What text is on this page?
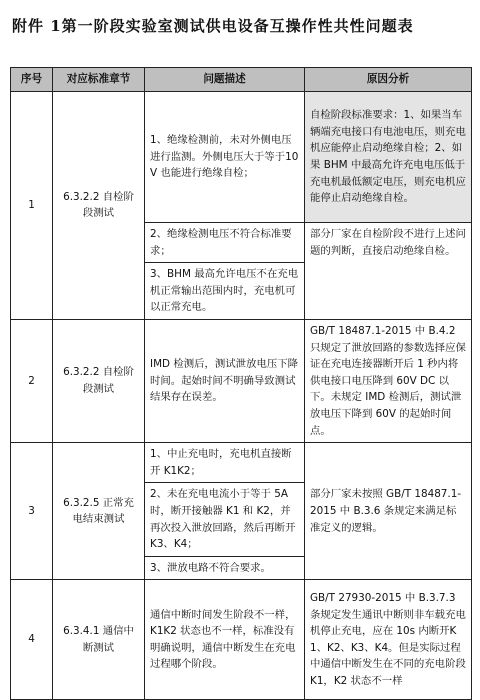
附件 1第一阶段实验室测试供电设备互操作性共性问题表
序号	对应标准章节	问题描述	原因分析
1	6.3.2.2 自检阶段测试	1、绝缘检测前，未对外侧电压进行监测。外侧电压大于等于10V 也能进行绝缘自检；	自检阶段标准要求：1、如果当车辆端充电接口有电池电压，则充电机应能停止启动绝缘自检；2、如果 BHM 中最高允许充电电压低于充电机最低额定电压，则充电机应能停止启动绝缘自检。
		2、绝缘检测电压不符合标准要求；	部分厂家在自检阶段不进行上述问题的判断，直接启动绝缘自检。
		3、BHM 最高允许电压不在充电机正常输出范围内时，充电机可以正常充电。	
2	6.3.2.2 自检阶段测试	IMD 检测后，测试泄放电压下降时间。起始时间不明确导致测试结果存在误差。	GB/T 18487.1-2015 中 B.4.2 只规定了泄放回路的参数选择应保证在充电连接器断开后 1 秒内将供电接口电压降到 60V DC 以下。未规定 IMD 检测后，测试泄放电压下降到 60V 的起始时间点。
3	6.3.2.5 正常充电结束测试	1、中止充电时，充电机直接断开 K1K2；	部分厂家未按照 GB/T 18487.1-2015 中 B.3.6 条规定来满足标准定义的逻辑。
		2、未在充电电流小于等于 5A 时，断开接触器 K1 和 K2，并再次投入泄放回路，然后再断开K3、K4；	
		3、泄放电路不符合要求。	
4	6.3.4.1 通信中断测试	通信中断时间发生阶段不一样，K1K2 状态也不一样，标准没有明确说明，通信中断发生在充电过程哪个阶段。	GB/T 27930-2015 中 B.3.7.3 条规定发生通讯中断则非车载充电机停止充电，应在 10s 内断开K1、K2、K3、K4。但是实际过程中通信中断发生在不同的充电阶段 K1，K2 状态不一样
